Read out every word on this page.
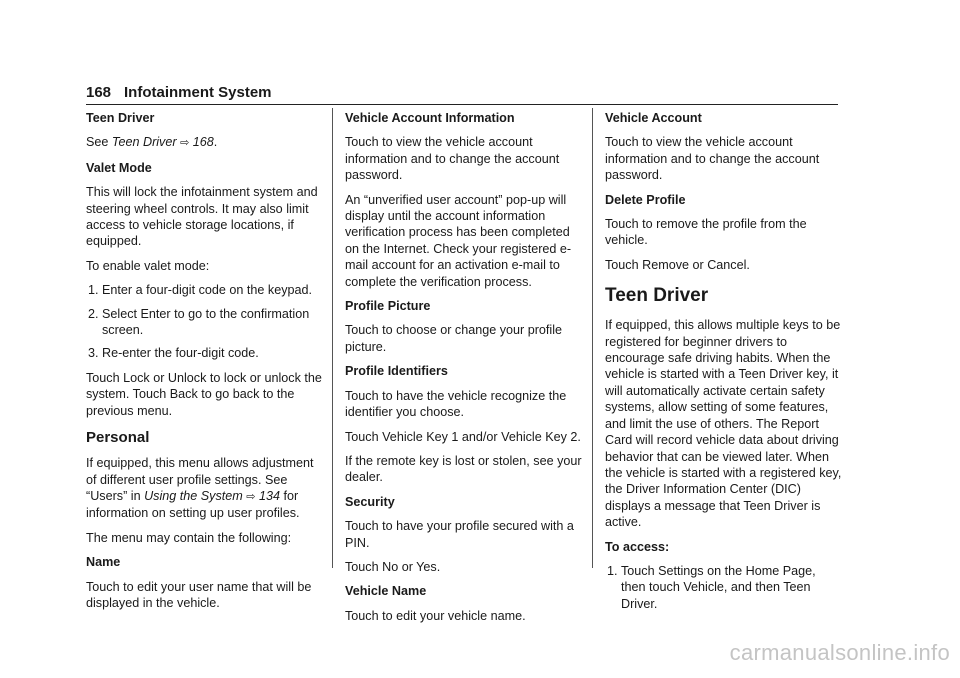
168 Infotainment System

Teen Driver

See Teen Driver ⇨ 168.

Valet Mode

This will lock the infotainment system and steering wheel controls. It may also limit access to vehicle storage locations, if equipped.

To enable valet mode:

1. Enter a four-digit code on the keypad.
2. Select Enter to go to the confirmation screen.
3. Re-enter the four-digit code.

Touch Lock or Unlock to lock or unlock the system. Touch Back to go back to the previous menu.

Personal

If equipped, this menu allows adjustment of different user profile settings. See “Users” in Using the System ⇨ 134 for information on setting up user profiles.

The menu may contain the following:

Name

Touch to edit your user name that will be displayed in the vehicle.

Vehicle Account Information

Touch to view the vehicle account information and to change the account password.

An “unverified user account” pop-up will display until the account information verification process has been completed on the Internet. Check your registered e-mail account for an activation e-mail to complete the verification process.

Profile Picture

Touch to choose or change your profile picture.

Profile Identifiers

Touch to have the vehicle recognize the identifier you choose.

Touch Vehicle Key 1 and/or Vehicle Key 2.

If the remote key is lost or stolen, see your dealer.

Security

Touch to have your profile secured with a PIN.

Touch No or Yes.

Vehicle Name

Touch to edit your vehicle name.

Vehicle Account

Touch to view the vehicle account information and to change the account password.

Delete Profile

Touch to remove the profile from the vehicle.

Touch Remove or Cancel.

Teen Driver

If equipped, this allows multiple keys to be registered for beginner drivers to encourage safe driving habits. When the vehicle is started with a Teen Driver key, it will automatically activate certain safety systems, allow setting of some features, and limit the use of others. The Report Card will record vehicle data about driving behavior that can be viewed later. When the vehicle is started with a registered key, the Driver Information Center (DIC) displays a message that Teen Driver is active.

To access:

1. Touch Settings on the Home Page, then touch Vehicle, and then Teen Driver.
carmanualsonline.info
